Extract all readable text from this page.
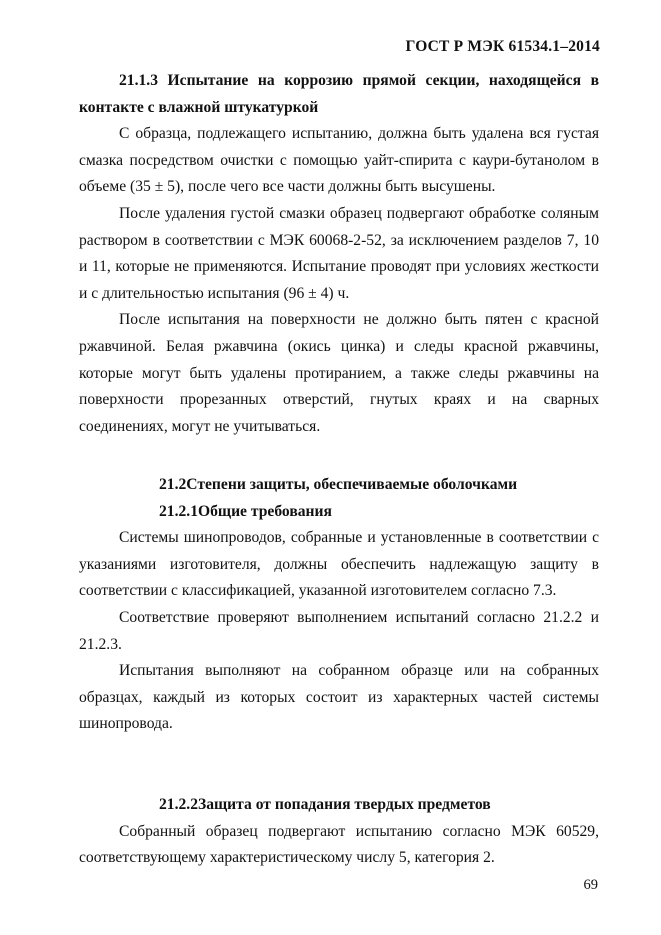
ГОСТ Р МЭК 61534.1–2014

21.1.3 Испытание на коррозию прямой секции, находящейся в контакте с влажной штукатуркой

С образца, подлежащего испытанию, должна быть удалена вся густая смазка посредством очистки с помощью уайт-спирита с каури-бутанолом в объеме (35 ± 5), после чего все части должны быть высушены.

После удаления густой смазки образец подвергают обработке соляным раствором в соответствии с МЭК 60068-2-52, за исключением разделов 7, 10 и 11, которые не применяются. Испытание проводят при условиях жесткости и с длительностью испытания (96 ± 4) ч.

После испытания на поверхности не должно быть пятен с красной ржавчиной. Белая ржавчина (окись цинка) и следы красной ржавчины, которые могут быть удалены протиранием, а также следы ржавчины на поверхности прорезанных отверстий, гнутых краях и на сварных соединениях, могут не учитываться.

21.2Степени защиты, обеспечиваемые оболочками

21.2.1Общие требования

Системы шинопроводов, собранные и установленные в соответствии с указаниями изготовителя, должны обеспечить надлежащую защиту в соответствии с классификацией, указанной изготовителем согласно 7.3.

Соответствие проверяют выполнением испытаний согласно 21.2.2 и 21.2.3.

Испытания выполняют на собранном образце или на собранных образцах, каждый из которых состоит из характерных частей системы шинопровода.

21.2.2Защита от попадания твердых предметов

Собранный образец подвергают испытанию согласно МЭК 60529, соответствующему характеристическому числу 5, категория 2.

69
